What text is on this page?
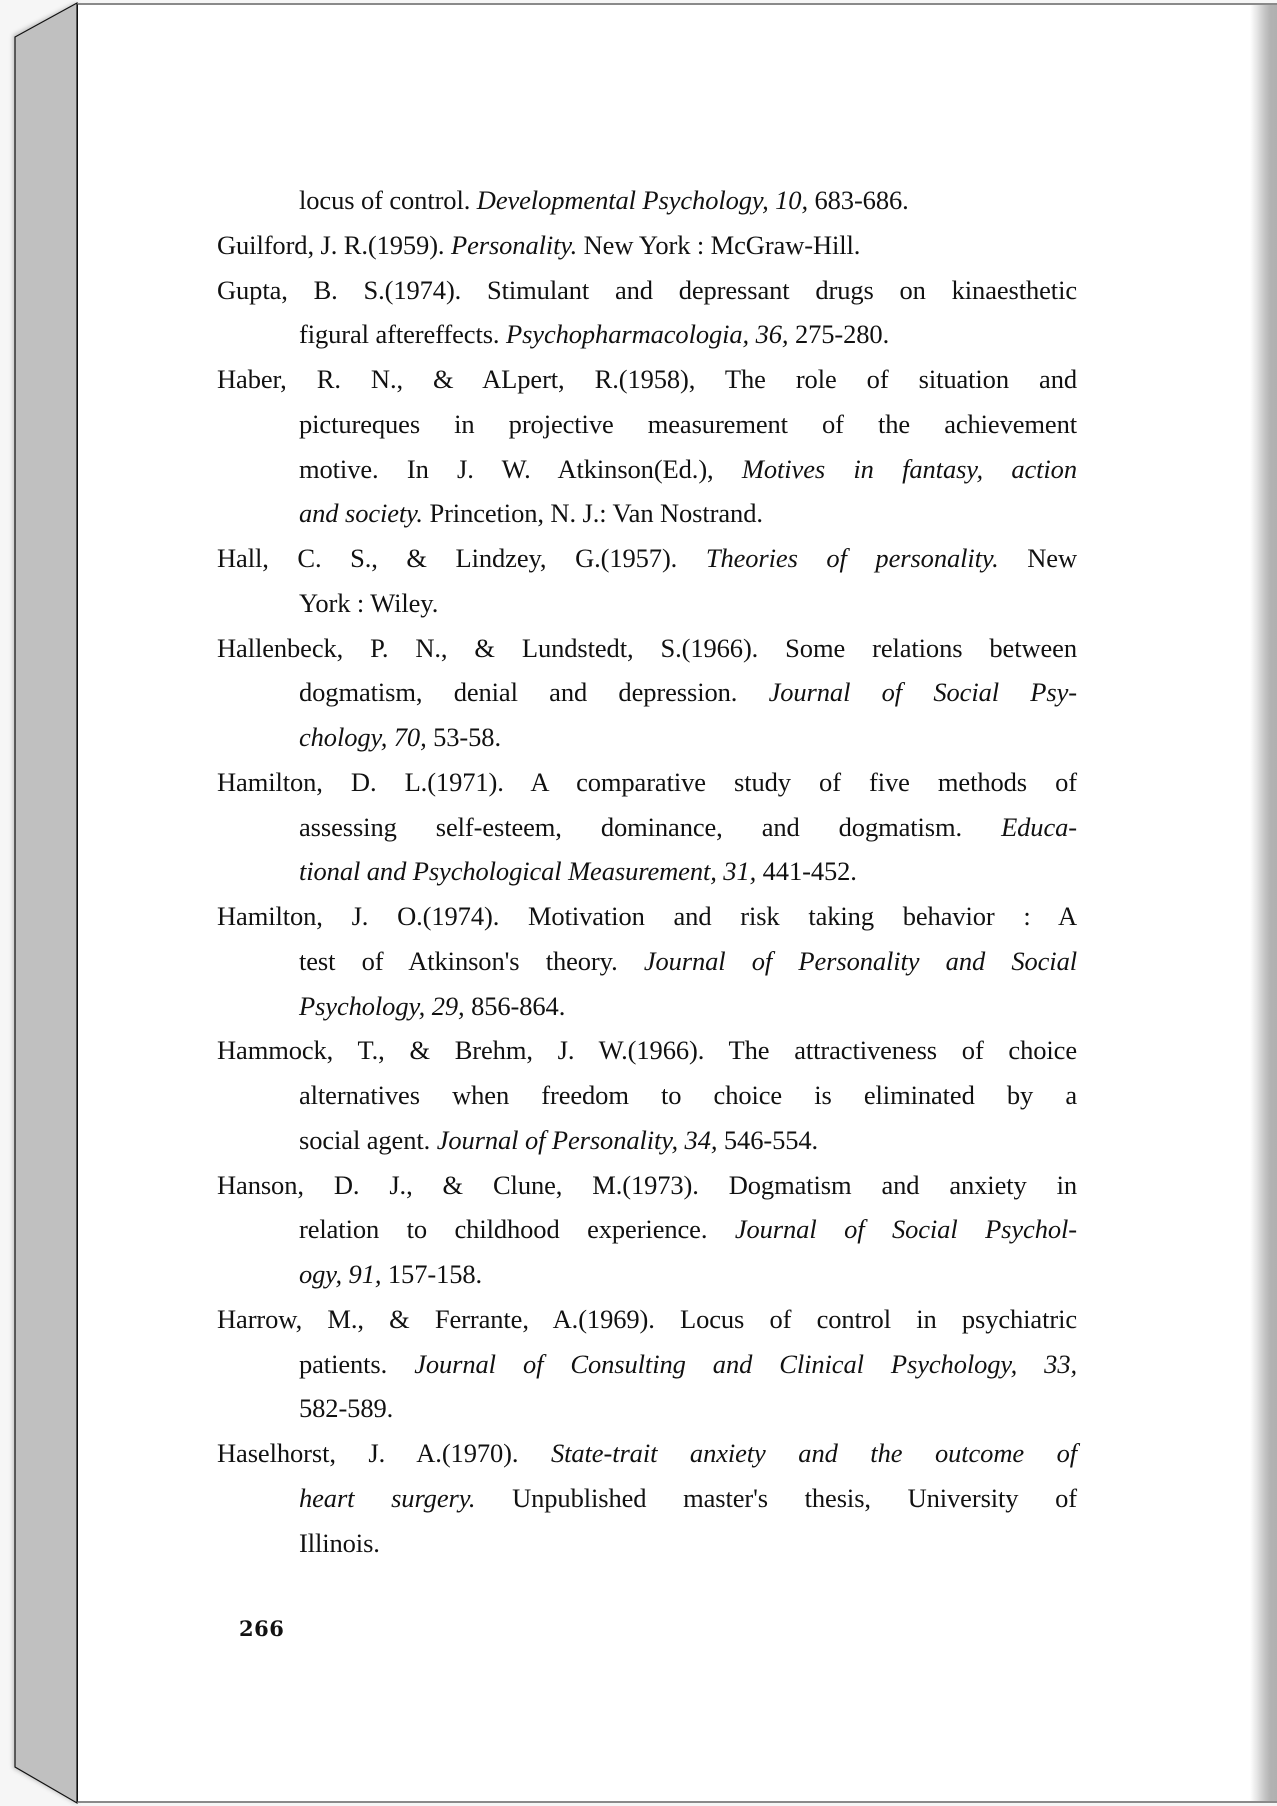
locus of control. Developmental Psychology, 10, 683-686.
Guilford, J. R.(1959). Personality. New York : McGraw-Hill.
Gupta, B. S.(1974). Stimulant and depressant drugs on kinaesthetic
figural aftereffects. Psychopharmacologia, 36, 275-280.
Haber, R. N., & ALpert, R.(1958), The role of situation and
pictureques in projective measurement of the achievement
motive. In J. W. Atkinson(Ed.), Motives in fantasy, action
and society. Princetion, N. J.: Van Nostrand.
Hall, C. S., & Lindzey, G.(1957). Theories of personality. New
York : Wiley.
Hallenbeck, P. N., & Lundstedt, S.(1966). Some relations between
dogmatism, denial and depression. Journal of Social Psy-
chology, 70, 53-58.
Hamilton, D. L.(1971). A comparative study of five methods of
assessing self-esteem, dominance, and dogmatism. Educa-
tional and Psychological Measurement, 31, 441-452.
Hamilton, J. O.(1974). Motivation and risk taking behavior : A
test of Atkinson's theory. Journal of Personality and Social
Psychology, 29, 856-864.
Hammock, T., & Brehm, J. W.(1966). The attractiveness of choice
alternatives when freedom to choice is eliminated by a
social agent. Journal of Personality, 34, 546-554.
Hanson, D. J., & Clune, M.(1973). Dogmatism and anxiety in
relation to childhood experience. Journal of Social Psychol-
ogy, 91, 157-158.
Harrow, M., & Ferrante, A.(1969). Locus of control in psychiatric
patients. Journal of Consulting and Clinical Psychology, 33,
582-589.
Haselhorst, J. A.(1970). State-trait anxiety and the outcome of
heart surgery. Unpublished master's thesis, University of
Illinois.
266
